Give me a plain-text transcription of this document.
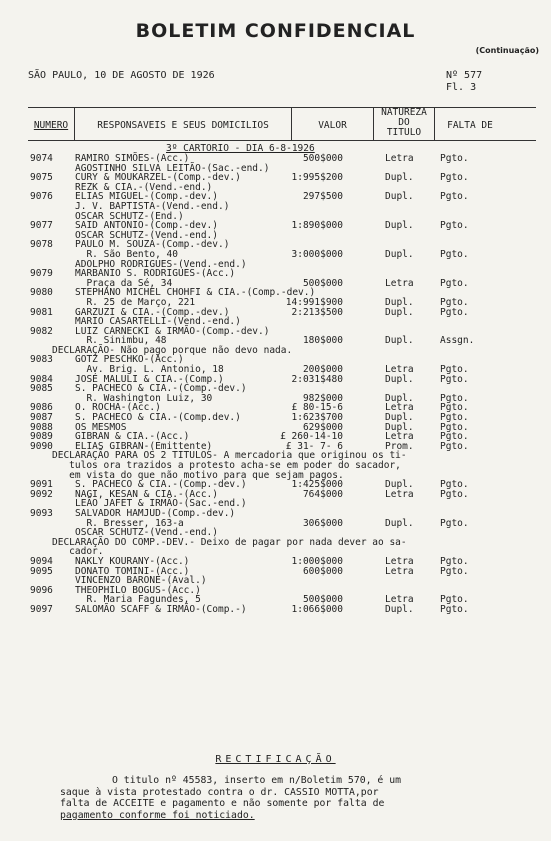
BOLETIM CONFIDENCIAL
(Continuação)
SÃO PAULO, 10 DE AGOSTO DE 1926	Nº 577
Fl. 3
NUMERO	RESPONSAVEIS E SEUS DOMICILIOS	VALOR
NATUREZA
DO
TITULO
FALTA DE
3º CARTORIO - DIA 6-8-1926
9074 RAMIRO SIMÕES-(Acc.)	500$000	Letra	Pgto.
AGOSTINHO SILVA LEITÃO-(Sac.-end.)
9075 CURY & MOUKARZEL-(Comp.-dev.)	1:995$200	Dupl.	Pgto.
REZK & CIA.-(Vend.-end.)
9076 ELIAS MIGUEL-(Comp.-dev.)	297$500	Dupl.	Pgto.
J. V. BAPTISTA-(Vend.-end.)
OSCAR SCHUTZ-(End.)
9077 SAID ANTONIO-(Comp.-dev.)	1:890$000	Dupl.	Pgto.
OSCAR SCHUTZ-(Vend.-end.)
9078 PAULO M. SOUZA-(Comp.-dev.)
R. São Bento, 40	3:000$000	Dupl.	Pgto.
ADOLPHO RODRIGUES-(Vend.-end.)
9079 MARBANIO S. RODRIGUES-(Acc.)
Praça da Sé, 34	500$000	Letra	Pgto.
9080 STEPHANO MICHEL CHOHFI & CIA.-(Comp.-dev.)
R. 25 de Março, 221	14:991$900	Dupl.	Pgto.
9081 GARZUZI & CIA.-(Comp.-dev.)	2:213$500	Dupl.	Pgto.
MARIO CASARTELLI-(Vend.-end.)
9082 LUIZ CARNECKI & IRMÃO-(Comp.-dev.)
R. Sinimbu, 48	180$000	Dupl.	Assgn.
DECLARAÇÃO- Não pago porque não devo nada.
9083 GOTZ PESCHKO-(Acc.)
Av. Brig. L. Antonio, 18	200$000	Letra	Pgto.
9084 JOSÉ MALULI & CIA.-(Comp.)	2:031$480	Dupl.	Pgto.
9085 S. PACHECO & CIA.-(Comp.-dev.)
R. Washington Luiz, 30	982$000	Dupl.	Pgto.
9086 O. ROCHA-(Acc.)	£ 80-15-6	Letra	Pgto.
9087 S. PACHECO & CIA.-(Comp.dev.)	1:623$700	Dupl.	Pgto.
9088 OS MESMOS	629$000	Dupl.	Pgto.
9089 GIBRAN & CIA.-(Acc.)	£ 260-14-10	Letra	Pgto.
9090 ELIAS GIBRAN-(Emittente)	£ 31- 7- 6	Prom.	Pgto.
DECLARAÇÃO PARA OS 2 TITULOS- A mercadoria que originou os ti-
tulos ora trazidos a protesto acha-se em poder do sacador,
em vista do que não motivo para que sejam pagos.
9091 S. PACHECO & CIA.-(Comp.-dev.)	1:425$000	Dupl.	Pgto.
9092 NAGI, KESAN & CIA.-(Acc.)	764$000	Letra	Pgto.
LEÃO JAFET & IRMÃO-(Sac.-end.)
9093 SALVADOR HAMJUD-(Comp.-dev.)
R. Bresser, 163-a	306$000	Dupl.	Pgto.
OSCAR SCHUTZ-(Vend.-end.)
DECLARAÇÃO DO COMP.-DEV.- Deixo de pagar por nada dever ao sa-
cador.
9094 NAKLY KOURANY-(Acc.)	1:000$000	Letra	Pgto.
9095 DONATO TOMINI-(Acc.)	600$000	Letra	Pgto.
VINCENZO BARONE-(Aval.)
9096 THEOPHILO BOGUS-(Acc.)
R. Maria Fagundes, 5	500$000	Letra	Pgto.
9097 SALOMÃO SCAFF & IRMÃO-(Comp.-)	1:066$000	Dupl.	Pgto.
RECTIFICAÇÃO
O titulo nº 45583, inserto em n/Boletim 570, é um
saque à vista protestado contra o dr. CASSIO MOTTA,por
falta de ACCEITE e pagamento e não somente por falta de
pagamento conforme foi noticiado.
